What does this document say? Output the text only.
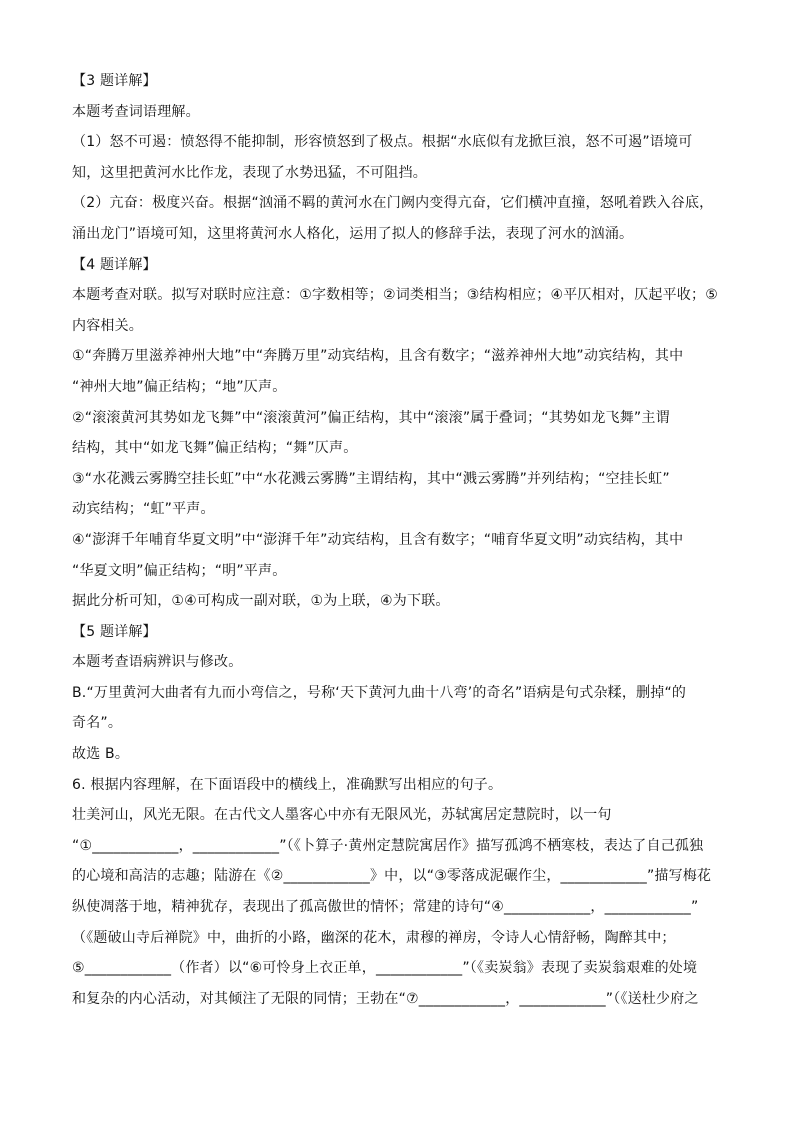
【3 题详解】
本题考查词语理解。
（1）怒不可遏：愤怒得不能抑制，形容愤怒到了极点。根据“水底似有龙掀巨浪，怒不可遏”语境可
知，这里把黄河水比作龙，表现了水势迅猛，不可阻挡。
（2）亢奋：极度兴奋。根据“汹涌不羁的黄河水在门阙内变得亢奋，它们横冲直撞，怒吼着跌入谷底，
涌出龙门”语境可知，这里将黄河水人格化，运用了拟人的修辞手法，表现了河水的汹涌。
【4 题详解】
本题考查对联。拟写对联时应注意：①字数相等；②词类相当；③结构相应；④平仄相对，仄起平收；⑤
内容相关。
①“奔腾万里滋养神州大地”中“奔腾万里”动宾结构，且含有数字；“滋养神州大地”动宾结构，其中
“神州大地”偏正结构；“地”仄声。
②“滚滚黄河其势如龙飞舞”中“滚滚黄河”偏正结构，其中“滚滚”属于叠词；“其势如龙飞舞”主谓
结构，其中“如龙飞舞”偏正结构；“舞”仄声。
③“水花溅云雾腾空挂长虹”中“水花溅云雾腾”主谓结构，其中“溅云雾腾”并列结构；“空挂长虹”
动宾结构；“虹”平声。
④“澎湃千年哺育华夏文明”中“澎湃千年”动宾结构，且含有数字；“哺育华夏文明”动宾结构，其中
“华夏文明”偏正结构；“明”平声。
据此分析可知，①④可构成一副对联，①为上联，④为下联。
【5 题详解】
本题考查语病辨识与修改。
B.“万里黄河大曲者有九而小弯信之，号称‘天下黄河九曲十八弯’的奇名”语病是句式杂糅，删掉“的
奇名”。
故选 B。
6. 根据内容理解，在下面语段中的横线上，准确默写出相应的句子。
壮美河山，风光无限。在古代文人墨客心中亦有无限风光，苏轼寓居定慧院时，以一句
“①____________，____________”（《卜算子·黄州定慧院寓居作》描写孤鸿不栖寒枝，表达了自己孤独
的心境和高洁的志趣；陆游在《②____________》中，以“③零落成泥碾作尘，____________”描写梅花
纵使凋落于地，精神犹存，表现出了孤高傲世的情怀；常建的诗句“④____________，____________”
（《题破山寺后禅院》中，曲折的小路，幽深的花木，肃穆的禅房，令诗人心情舒畅，陶醉其中；
⑤____________（作者）以“⑥可怜身上衣正单，____________”（《卖炭翁》表现了卖炭翁艰难的处境
和复杂的内心活动，对其倾注了无限的同情；王勃在“⑦____________，____________”（《送杜少府之
